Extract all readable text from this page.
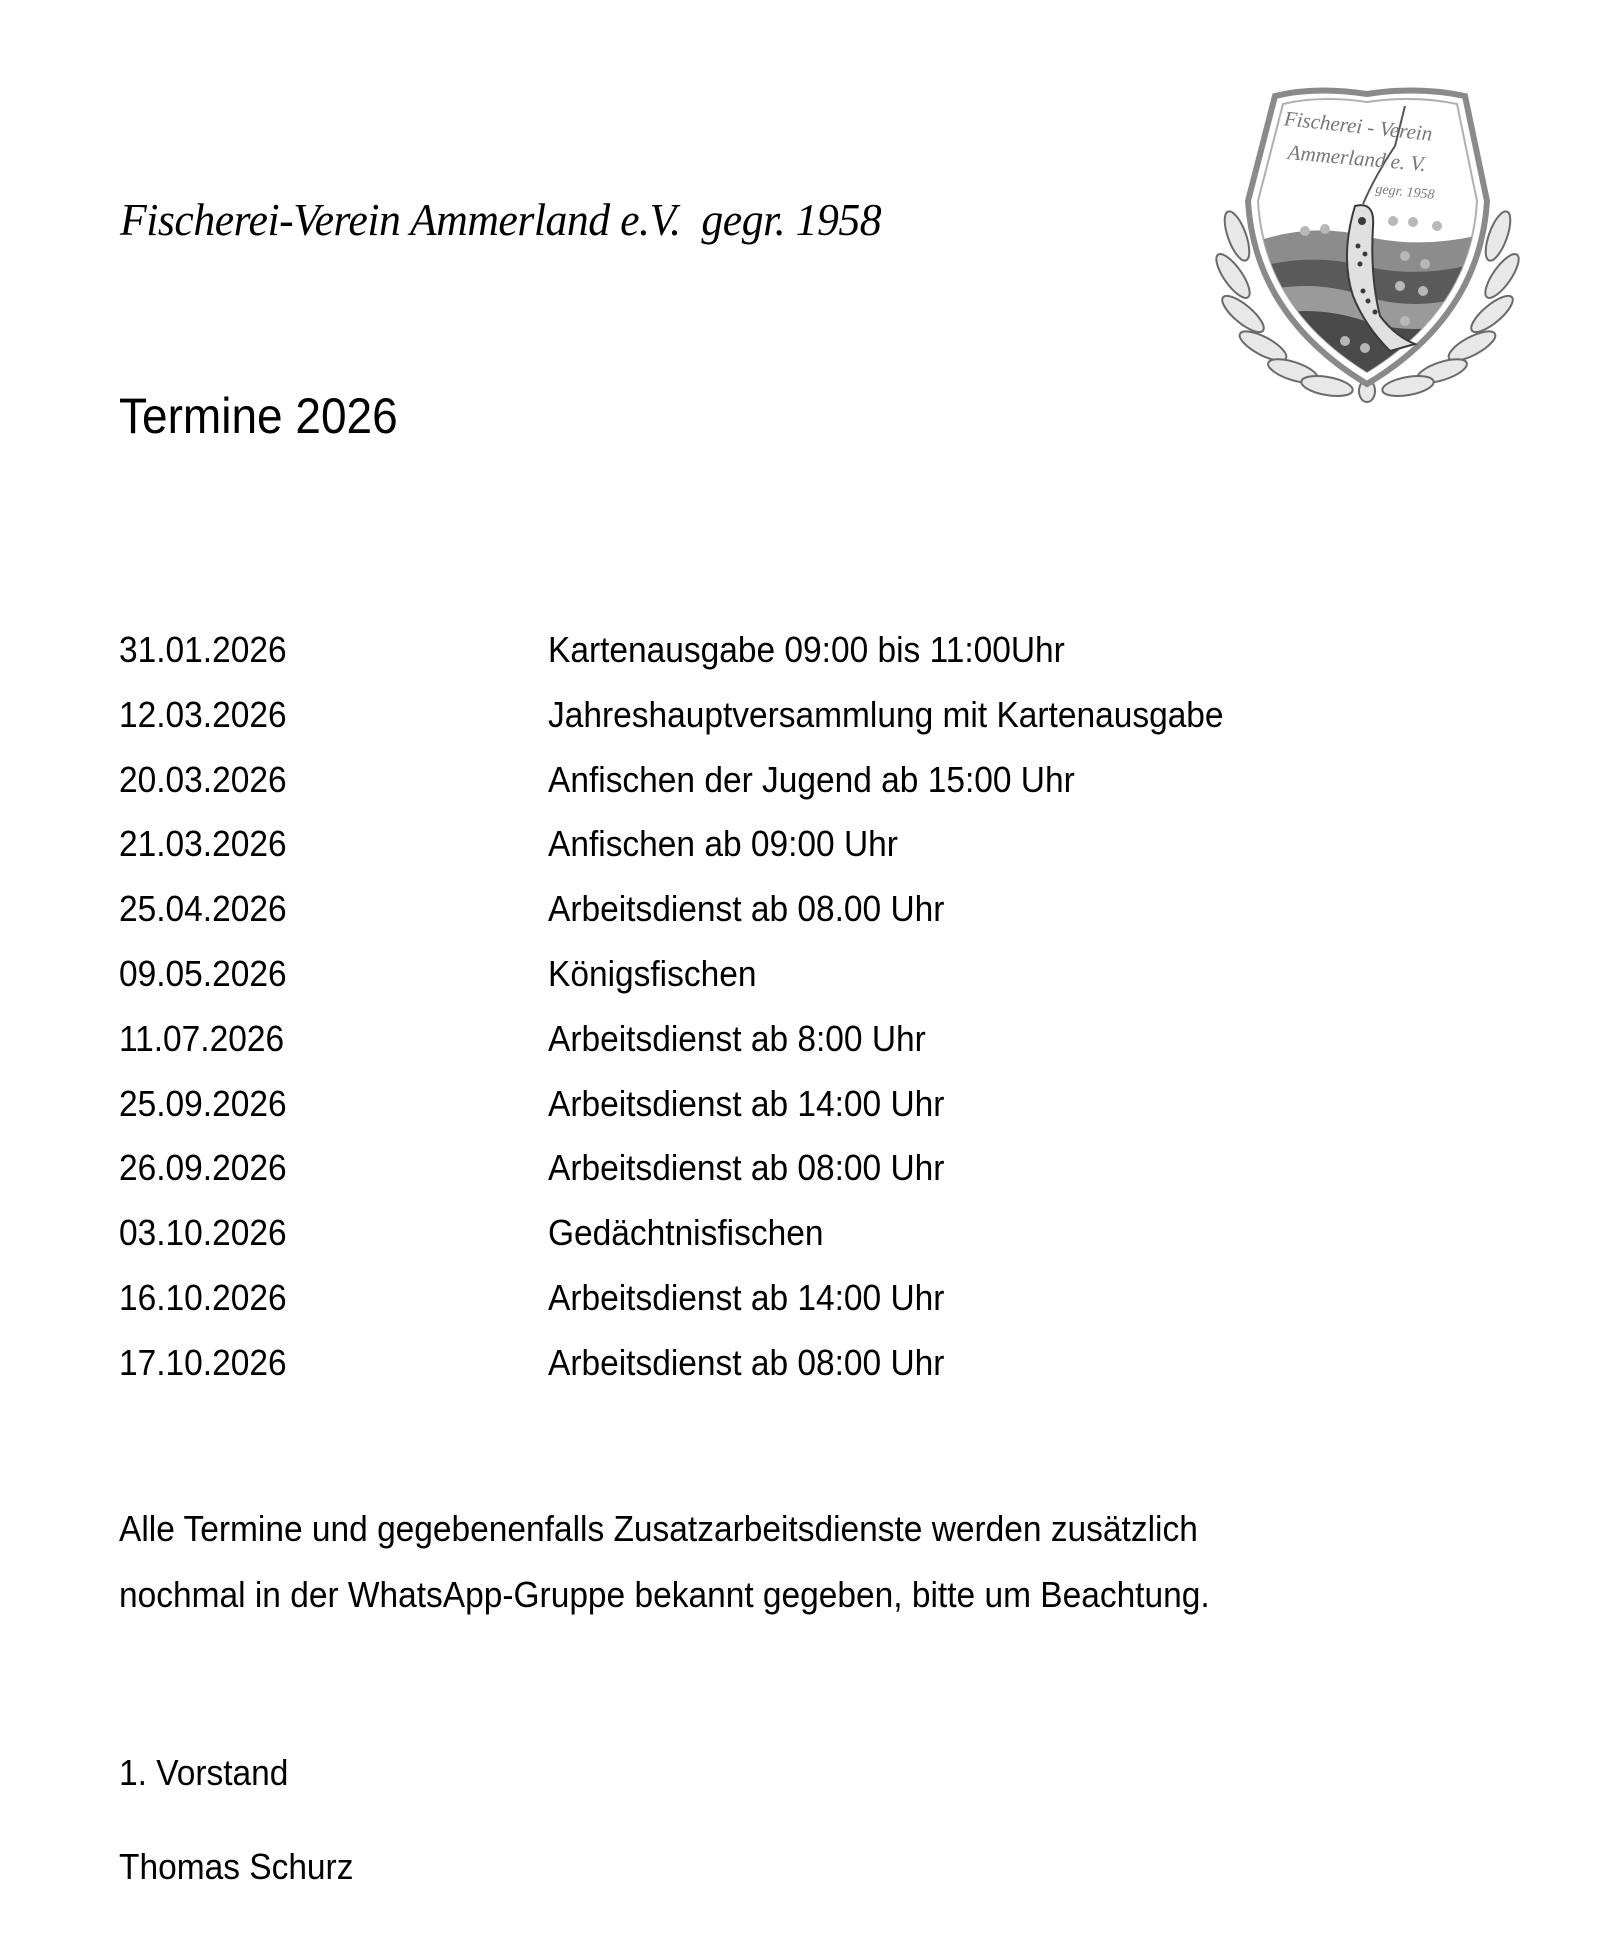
Fischerei-Verein Ammerland e.V.  gegr. 1958
Fischerei - Verein
Ammerland e. V.
gegr. 1958
Termine 2026
31.01.2026	Kartenausgabe 09:00 bis 11:00Uhr
12.03.2026	Jahreshauptversammlung mit Kartenausgabe
20.03.2026	Anfischen der Jugend ab 15:00 Uhr
21.03.2026	Anfischen ab 09:00 Uhr
25.04.2026	Arbeitsdienst ab 08.00 Uhr
09.05.2026	Königsfischen
11.07.2026	Arbeitsdienst ab 8:00 Uhr
25.09.2026	Arbeitsdienst ab 14:00 Uhr
26.09.2026	Arbeitsdienst ab 08:00 Uhr
03.10.2026	Gedächtnisfischen
16.10.2026	Arbeitsdienst ab 14:00 Uhr
17.10.2026	Arbeitsdienst ab 08:00 Uhr
Alle Termine und gegebenenfalls Zusatzarbeitsdienste werden zusätzlich
nochmal in der WhatsApp-Gruppe bekannt gegeben, bitte um Beachtung.
1. Vorstand
Thomas Schurz
